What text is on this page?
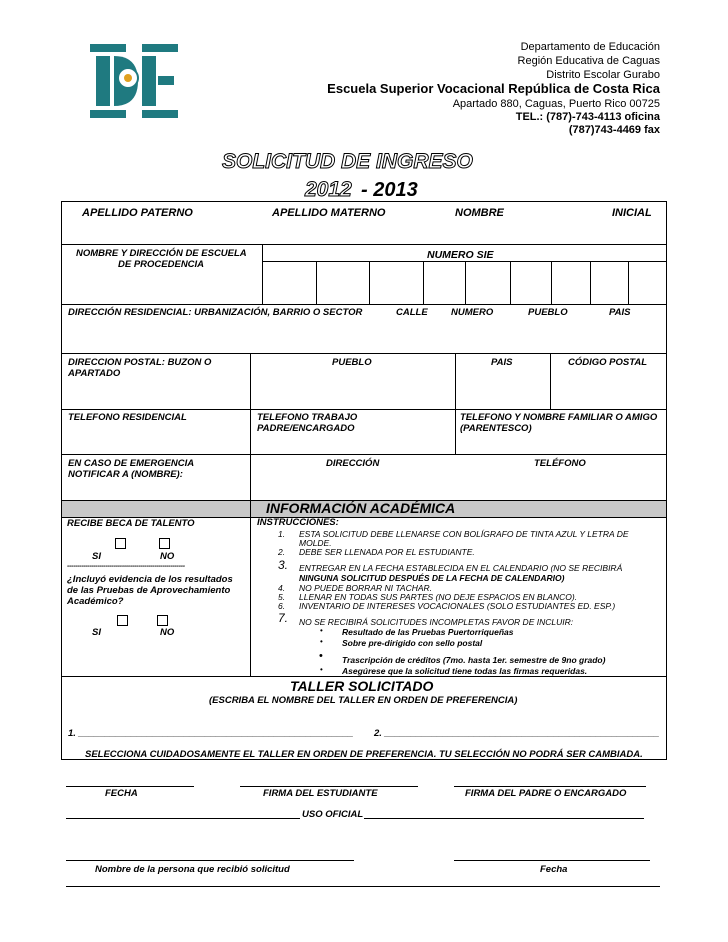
Departamento de Educación
Región Educativa de Caguas
Distrito Escolar Gurabo
Escuela Superior Vocacional República de Costa Rica
Apartado 880, Caguas, Puerto Rico 00725
TEL.: (787)-743-4113 oficina
(787)743-4469 fax
SOLICITUD DE INGRESO
2012 - 2013
APELLIDO PATERNO	APELLIDO MATERNO	NOMBRE	INICIAL
NOMBRE Y DIRECCIÓN DE ESCUELA
DE PROCEDENCIA
NUMERO SIE
DIRECCIÓN RESIDENCIAL: URBANIZACIÓN, BARRIO O SECTOR	CALLE NUMERO	PUEBLO	PAIS
DIRECCION POSTAL: BUZON O
APARTADO
PUEBLO	PAIS	CÓDIGO POSTAL
TELEFONO RESIDENCIAL	TELEFONO TRABAJO
PADRE/ENCARGADO
TELEFONO Y NOMBRE FAMILIAR O AMIGO
(PARENTESCO)
EN CASO DE EMERGENCIA
NOTIFICAR A (NOMBRE):
DIRECCIÓN	TELÉFONO
INFORMACIÓN ACADÉMICA
RECIBE BECA DE TALENTO
SI	NO
----------------------------------------------------------
¿Incluyó evidencia de los resultados
de las Pruebas de Aprovechamiento
Académico?
SI	NO
INSTRUCCIONES:
1. ESTA SOLICITUD DEBE LLENARSE CON BOLÍGRAFO DE TINTA AZUL Y LETRA DE
MOLDE.
2. DEBE SER LLENADA POR EL ESTUDIANTE.
3. ENTREGAR EN LA FECHA ESTABLECIDA EN EL CALENDARIO (NO SE RECIBIRÁ
NINGUNA SOLICITUD DESPUÉS DE LA FECHA DE CALENDARIO)
4. NO PUEDE BORRAR NI TACHAR.
5. LLENAR EN TODAS SUS PARTES (NO DEJE ESPACIOS EN BLANCO).
6. INVENTARIO DE INTERESES VOCACIONALES (SOLO ESTUDIANTES ED. ESP.)
7. NO SE RECIBIRÁ SOLICITUDES INCOMPLETAS FAVOR DE INCLUIR:
• Resultado de las Pruebas Puertorriqueñas
• Sobre pre-dirigido con sello postal
• Trascripción de créditos (7mo. hasta 1er. semestre de 9no grado)
• Asegúrese que la solicitud tiene todas las firmas requeridas.
TALLER SOLICITADO
(ESCRIBA EL NOMBRE DEL TALLER EN ORDEN DE PREFERENCIA)
1. ____________________________________________________ 2. ____________________________________________________
SELECCIONA CUIDADOSAMENTE EL TALLER EN ORDEN DE PREFERENCIA. TU SELECCIÓN NO PODRÁ SER CAMBIADA.
FECHA	FIRMA DEL ESTUDIANTE	FIRMA DEL PADRE O ENCARGADO
USO OFICIAL
Nombre de la persona que recibió solicitud	Fecha
